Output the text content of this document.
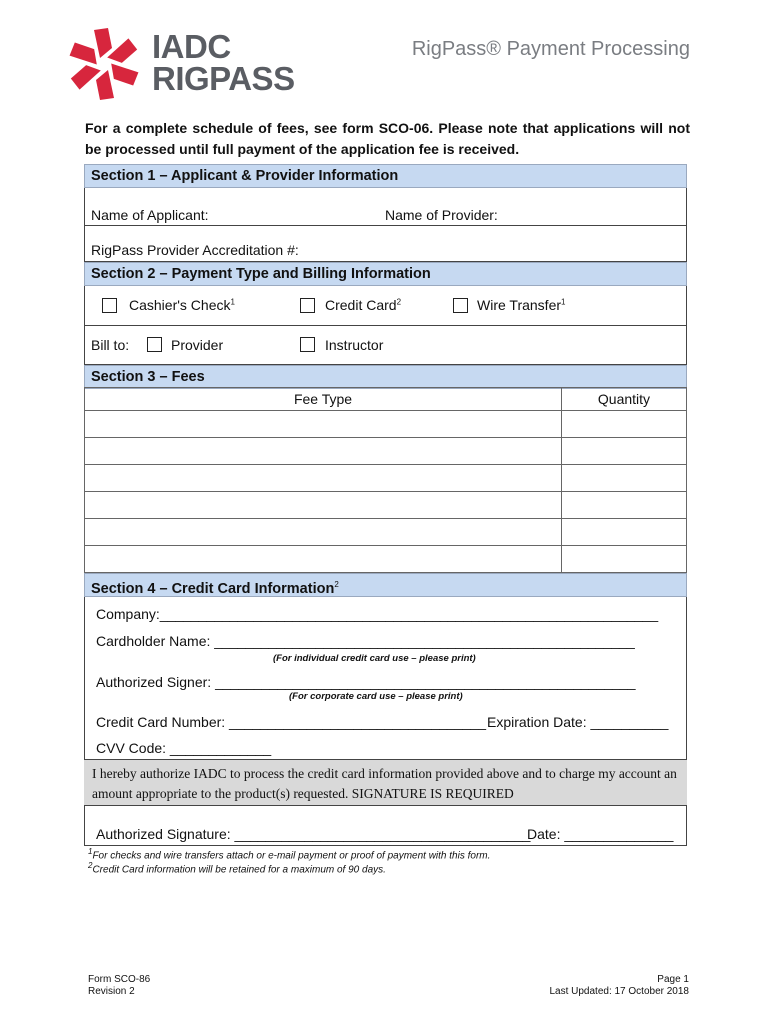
IADC
RIGPASS
RigPass® Payment Processing
For a complete schedule of fees, see form SCO-06. Please note that applications will not be processed until full payment of the application fee is received.
Section 1 – Applicant & Provider Information
Name of Applicant:	Name of Provider:
RigPass Provider Accreditation #:
Section 2 – Payment Type and Billing Information
Cashier's Check$^1$	Credit Card$^2$	Wire Transfer$^1$
Bill to:	Provider	Instructor
Section 3 – Fees
Fee Type	Quantity

Section 4 – Credit Card Information$^2$
Company:________________________________________________________________
Cardholder Name: ______________________________________________________
(For individual credit card use – please print)
Authorized Signer: ______________________________________________________
(For corporate card use – please print)
Credit Card Number: _________________________________ Expiration Date: __________
CVV Code: _____________
I hereby authorize IADC to process the credit card information provided above and to charge my account an amount appropriate to the product(s) requested. SIGNATURE IS REQUIRED
Authorized Signature: ______________________________________
Date: ______________
$^1$For checks and wire transfers attach or e-mail payment or proof of payment with this form.
$^2$Credit Card information will be retained for a maximum of 90 days.
Form SCO-86
Revision 2
Page 1
Last Updated: 17 October 2018
